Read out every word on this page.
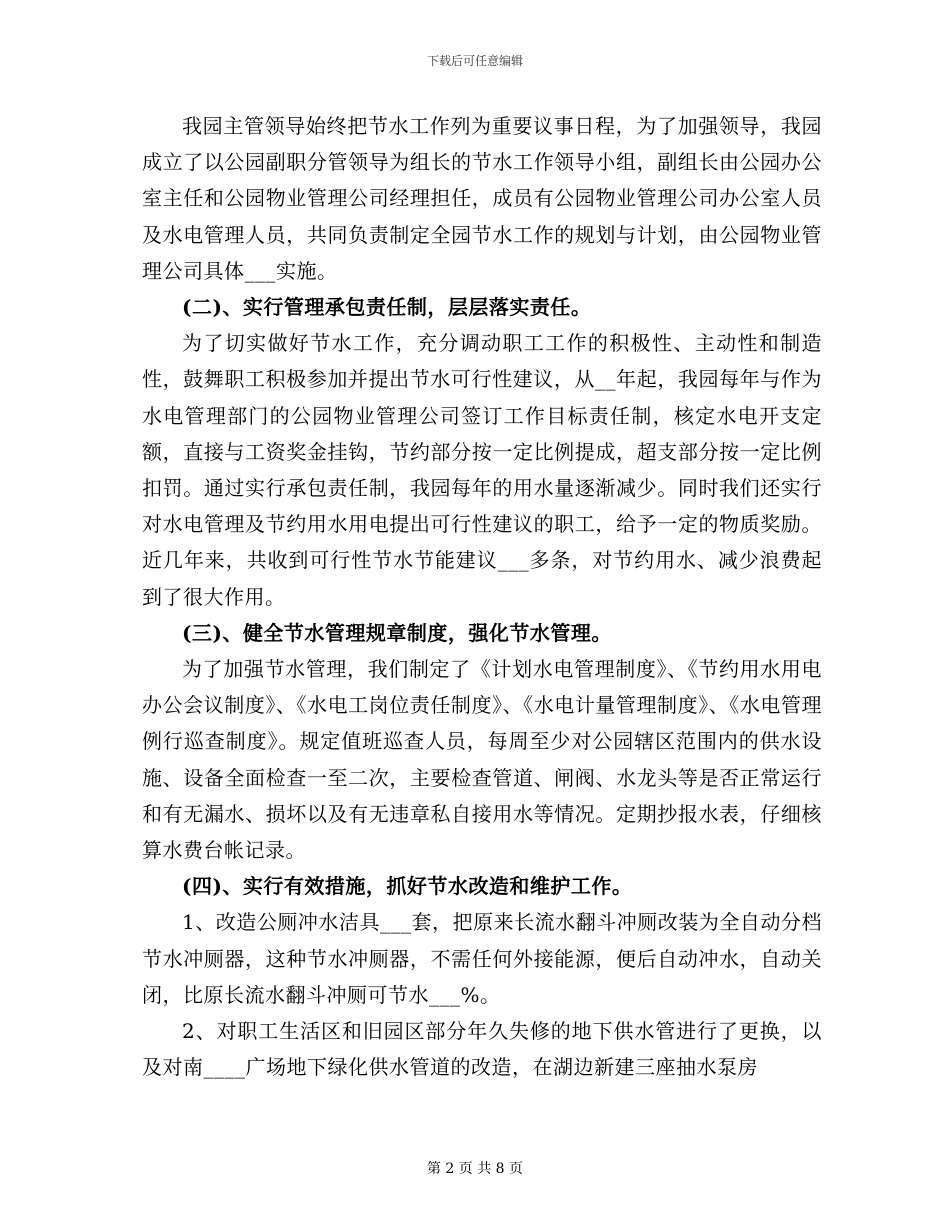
下载后可任意编辑

我园主管领导始终把节水工作列为重要议事日程，为了加强领导，我园成立了以公园副职分管领导为组长的节水工作领导小组，副组长由公园办公室主任和公园物业管理公司经理担任，成员有公园物业管理公司办公室人员及水电管理人员，共同负责制定全园节水工作的规划与计划，由公园物业管理公司具体___实施。

(二)、实行管理承包责任制，层层落实责任。

为了切实做好节水工作，充分调动职工工作的积极性、主动性和制造性，鼓舞职工积极参加并提出节水可行性建议，从__年起，我园每年与作为水电管理部门的公园物业管理公司签订工作目标责任制，核定水电开支定额，直接与工资奖金挂钩，节约部分按一定比例提成，超支部分按一定比例扣罚。通过实行承包责任制，我园每年的用水量逐渐减少。同时我们还实行对水电管理及节约用水用电提出可行性建议的职工，给予一定的物质奖励。近几年来，共收到可行性节水节能建议___多条，对节约用水、减少浪费起到了很大作用。

(三)、健全节水管理规章制度，强化节水管理。

为了加强节水管理，我们制定了《计划水电管理制度》、《节约用水用电办公会议制度》、《水电工岗位责任制度》、《水电计量管理制度》、《水电管理例行巡查制度》。规定值班巡查人员，每周至少对公园辖区范围内的供水设施、设备全面检查一至二次，主要检查管道、闸阀、水龙头等是否正常运行和有无漏水、损坏以及有无违章私自接用水等情况。定期抄报水表，仔细核算水费台帐记录。

(四)、实行有效措施，抓好节水改造和维护工作。

1、改造公厕冲水洁具___套，把原来长流水翻斗冲厕改装为全自动分档节水冲厕器，这种节水冲厕器，不需任何外接能源，便后自动冲水，自动关闭，比原长流水翻斗冲厕可节水___%。

2、对职工生活区和旧园区部分年久失修的地下供水管进行了更换，以及对南____广场地下绿化供水管道的改造，在湖边新建三座抽水泵房

第 2 页 共 8 页
